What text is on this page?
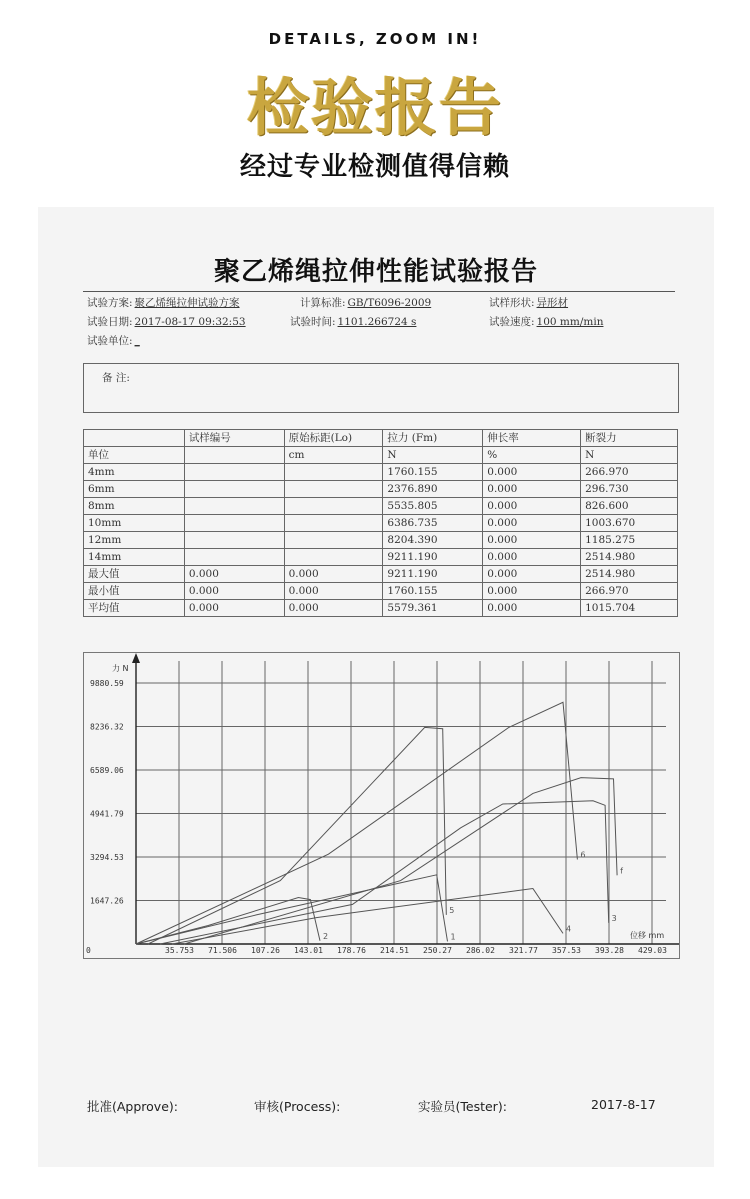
DETAILS, ZOOM IN!
检验报告
经过专业检测值得信赖
聚乙烯绳拉伸性能试验报告
试验方案: 聚乙烯绳拉伸试验方案	计算标准: GB/T6096-2009	试样形状: 异形材
试验日期: 2017-08-17 09:32:53	试验时间: 1101.266724 s	试验速度: 100 mm/min
试验单位: _
备 注:
	试样编号	原始标距(Lo)	拉力 (Fm)	伸长率	断裂力
单位		cm	N	%	N
4mm			1760.155	0.000	266.970
6mm			2376.890	0.000	296.730
8mm			5535.805	0.000	826.600
10mm			6386.735	0.000	1003.670
12mm			8204.390	0.000	1185.275
14mm			9211.190	0.000	2514.980
最大值	0.000	0.000	9211.190	0.000	2514.980
最小值	0.000	0.000	1760.155	0.000	266.970
平均值	0.000	0.000	5579.361	0.000	1015.704
0	35.753 71.506 107.26 143.01 178.76 214.51 250.27 286.02 321.77 357.53 393.28 429.03
1647.26
3294.53
4941.79
6589.06
8236.32
9880.59
力 N
位移 mm
1
2
3
4
5
6
f
批准(Approve):	审核(Process):	实验员(Tester):	2017-8-17
